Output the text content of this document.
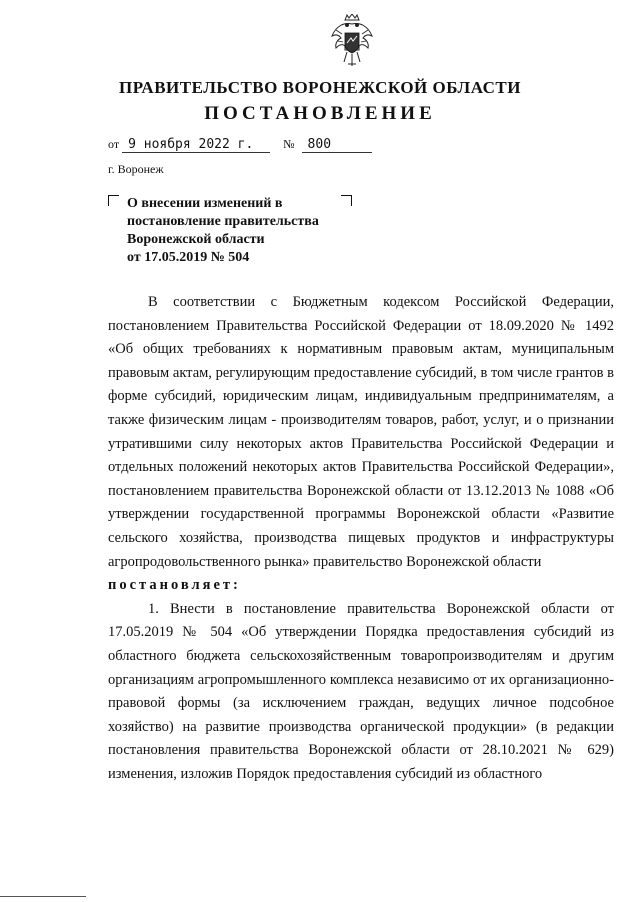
ПРАВИТЕЛЬСТВО ВОРОНЕЖСКОЙ ОБЛАСТИ
ПОСТАНОВЛЕНИЕ
от 9 ноября 2022 г. № 800
г. Воронеж
О внесении изменений в
постановление правительства
Воронежской области
от 17.05.2019 № 504

В соответствии с Бюджетным кодексом Российской Федерации, постановлением Правительства Российской Федерации от 18.09.2020 № 1492 «Об общих требованиях к нормативным правовым актам, муниципальным правовым актам, регулирующим предоставление субсидий, в том числе грантов в форме субсидий, юридическим лицам, индивидуальным предпринимателям, а также физическим лицам - производителям товаров, работ, услуг, и о признании утратившими силу некоторых актов Правительства Российской Федерации и отдельных положений некоторых актов Правительства Российской Федерации», постановлением правительства Воронежской области от 13.12.2013 № 1088 «Об утверждении государственной программы Воронежской области «Развитие сельского хозяйства, производства пищевых продуктов и инфраструктуры агропродовольственного рынка» правительство Воронежской области

постановляет:

1. Внести в постановление правительства Воронежской области от 17.05.2019 № 504 «Об утверждении Порядка предоставления субсидий из областного бюджета сельскохозяйственным товаропроизводителям и другим организациям агропромышленного комплекса независимо от их организационно-правовой формы (за исключением граждан, ведущих личное подсобное хозяйство) на развитие производства органической продукции» (в редакции постановления правительства Воронежской области от 28.10.2021 № 629) изменения, изложив Порядок предоставления субсидий из областного
